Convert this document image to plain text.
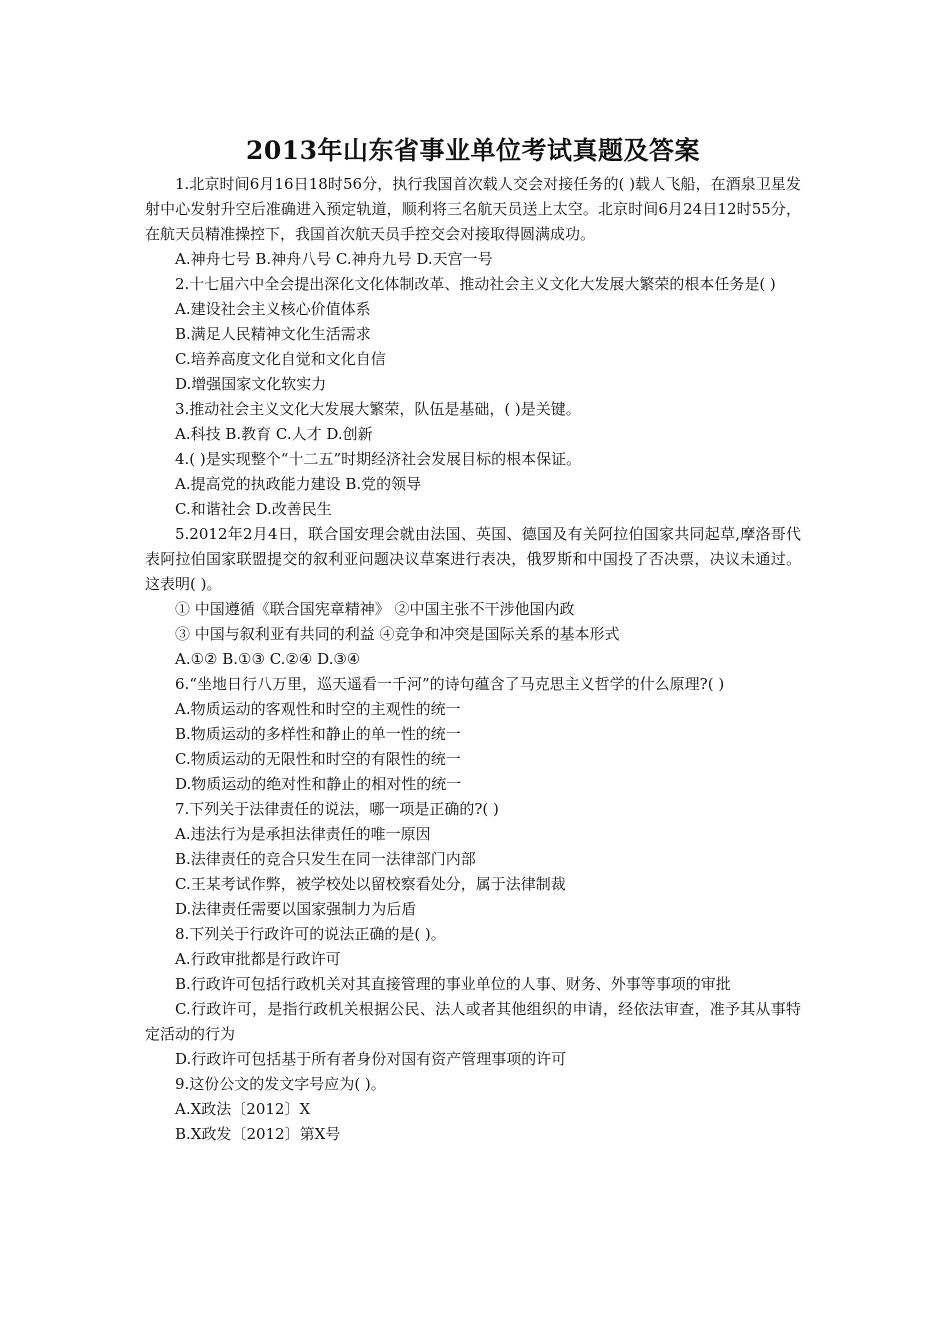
2013年山东省事业单位考试真题及答案

1.北京时间6月16日18时56分，执行我国首次载人交会对接任务的( )载人飞船，在酒泉卫星发射中心发射升空后准确进入预定轨道，顺利将三名航天员送上太空。北京时间6月24日12时55分，在航天员精准操控下，我国首次航天员手控交会对接取得圆满成功。

A.神舟七号 B.神舟八号 C.神舟九号 D.天宫一号

2.十七届六中全会提出深化文化体制改革、推动社会主义文化大发展大繁荣的根本任务是( )

A.建设社会主义核心价值体系

B.满足人民精神文化生活需求

C.培养高度文化自觉和文化自信

D.增强国家文化软实力

3.推动社会主义文化大发展大繁荣，队伍是基础，( )是关键。

A.科技 B.教育 C.人才 D.创新

4.( )是实现整个“十二五”时期经济社会发展目标的根本保证。

A.提高党的执政能力建设 B.党的领导

C.和谐社会 D.改善民生

5.2012年2月4日，联合国安理会就由法国、英国、德国及有关阿拉伯国家共同起草,摩洛哥代表阿拉伯国家联盟提交的叙利亚问题决议草案进行表决，俄罗斯和中国投了否决票，决议未通过。这表明( )。

① 中国遵循《联合国宪章精神》 ②中国主张不干涉他国内政

③ 中国与叙利亚有共同的利益 ④竞争和冲突是国际关系的基本形式

A.①② B.①③ C.②④ D.③④

6.“坐地日行八万里，巡天遥看一千河”的诗句蕴含了马克思主义哲学的什么原理?( )

A.物质运动的客观性和时空的主观性的统一

B.物质运动的多样性和静止的单一性的统一

C.物质运动的无限性和时空的有限性的统一

D.物质运动的绝对性和静止的相对性的统一

7.下列关于法律责任的说法，哪一项是正确的?( )

A.违法行为是承担法律责任的唯一原因

B.法律责任的竞合只发生在同一法律部门内部

C.王某考试作弊，被学校处以留校察看处分，属于法律制裁

D.法律责任需要以国家强制力为后盾

8.下列关于行政许可的说法正确的是( )。

A.行政审批都是行政许可

B.行政许可包括行政机关对其直接管理的事业单位的人事、财务、外事等事项的审批

C.行政许可，是指行政机关根据公民、法人或者其他组织的申请，经依法审查，准予其从事特定活动的行为

D.行政许可包括基于所有者身份对国有资产管理事项的许可

9.这份公文的发文字号应为( )。

A.X政法〔2012〕X

B.X政发〔2012〕第X号
